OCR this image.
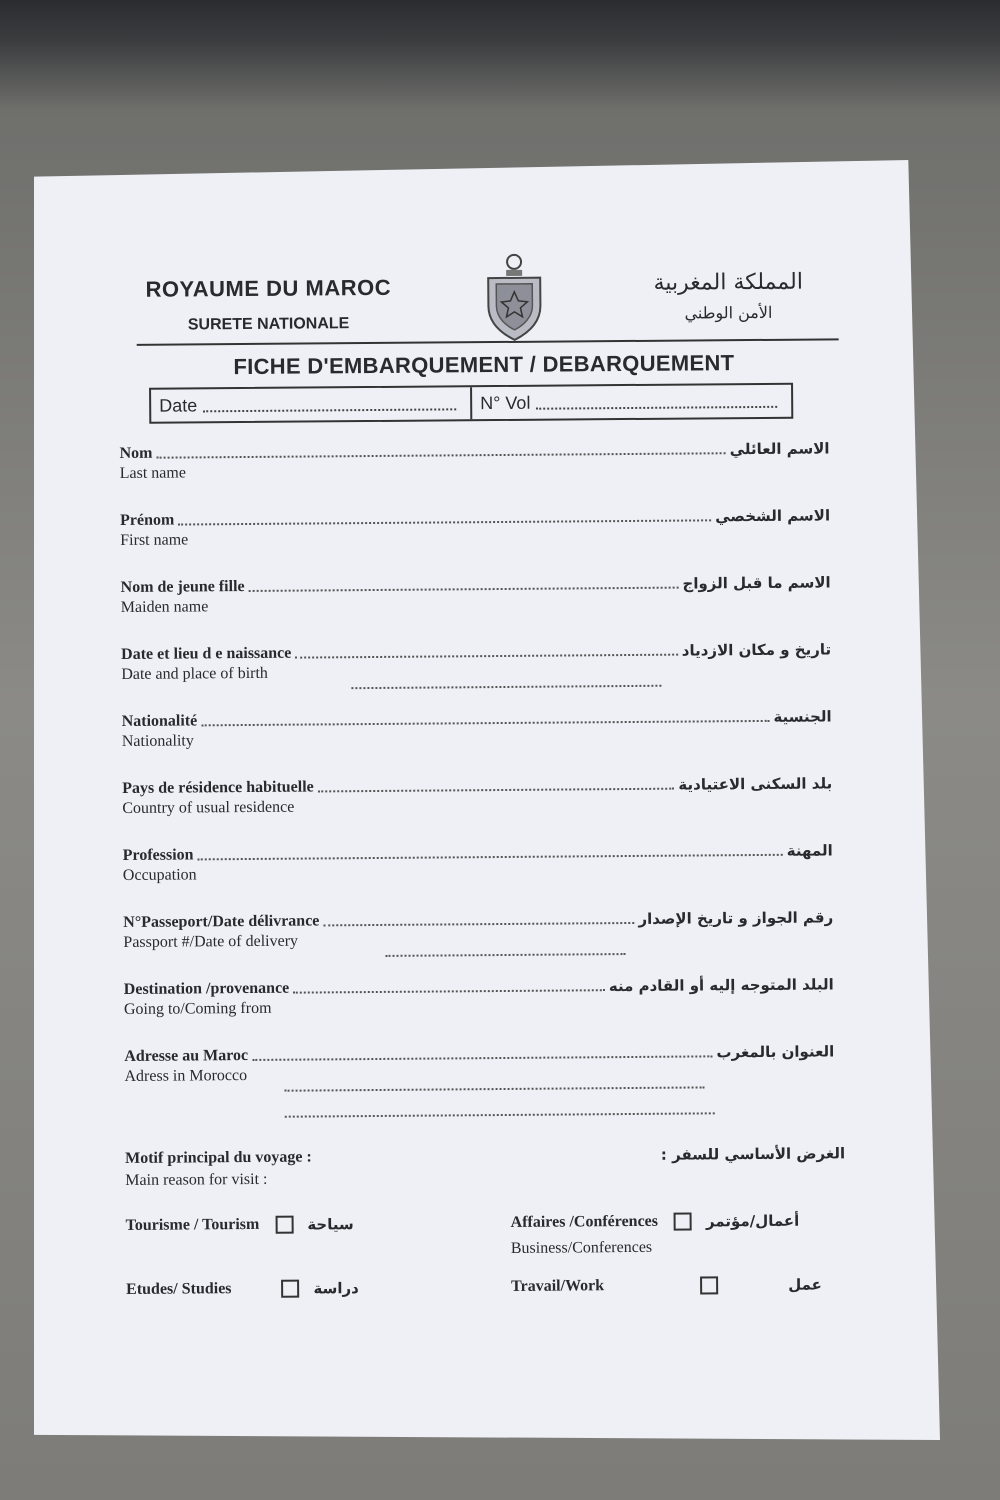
ROYAUME DU MAROC
SURETE NATIONALE
المملكة المغربية
الأمن الوطني
FICHE D'EMBARQUEMENT / DEBARQUEMENT
Date	N° Vol
Nom	الاسم العائلي
Last name
Prénom	الاسم الشخصي
First name
Nom de jeune fille	الاسم ما قبل الزواج
Maiden name
Date et lieu d e naissance	تاريخ و مكان الازدياد
Date and place of birth
Nationalité	الجنسية
Nationality
Pays de résidence habituelle	بلد السكنى الاعتيادية
Country of usual residence
Profession	المهنة
Occupation
N°Passeport/Date délivrance	رقم الجواز و تاريخ الإصدار
Passport #/Date of delivery
Destination /provenance	البلد المتوجه إليه أو القادم منه
Going to/Coming from
Adresse au Maroc	العنوان بالمغرب
Adress in Morocco
Motif principal du voyage :
Main reason for visit :
الغرض الأساسي للسفر :
Tourisme / Tourism	سياحة	Affaires /Conférences	أعمال/مؤتمر
Business/Conferences
Etudes/ Studies	دراسة	Travail/Work	عمل
